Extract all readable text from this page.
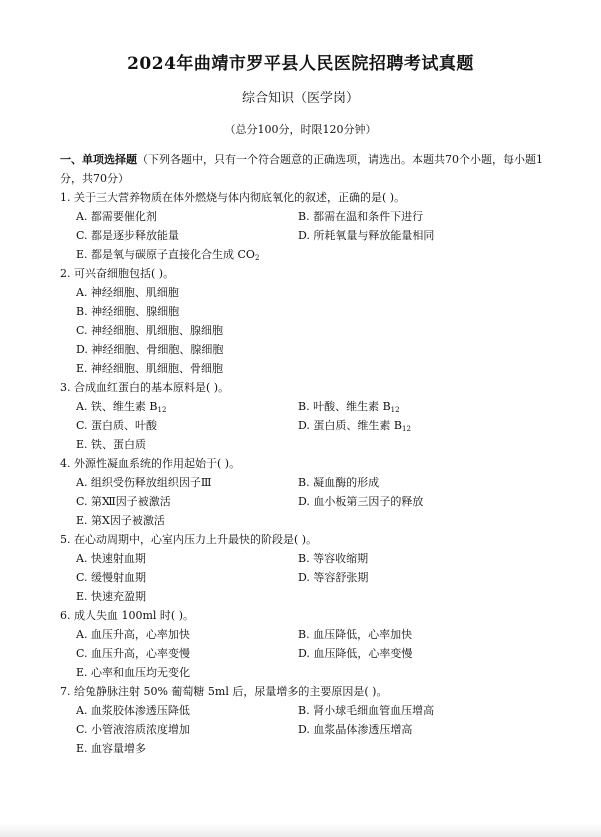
2024年曲靖市罗平县人民医院招聘考试真题
综合知识（医学岗）
（总分100分，时限120分钟）
一、单项选择题（下列各题中，只有一个符合题意的正确选项，请选出。本题共70个小题，每小题1分，共70分）
1. 关于三大营养物质在体外燃烧与体内彻底氧化的叙述，正确的是( )。
A. 都需要催化剂	B. 都需在温和条件下进行
C. 都是逐步释放能量	D. 所耗氧量与释放能量相同
E. 都是氧与碳原子直接化合生成 $CO_2$
2. 可兴奋细胞包括( )。
A. 神经细胞、肌细胞
B. 神经细胞、腺细胞
C. 神经细胞、肌细胞、腺细胞
D. 神经细胞、骨细胞、腺细胞
E. 神经细胞、肌细胞、骨细胞
3. 合成血红蛋白的基本原料是( )。
A. 铁、维生素 $B_{12}$	B. 叶酸、维生素 $B_{12}$
C. 蛋白质、叶酸	D. 蛋白质、维生素 $B_{12}$
E. 铁、蛋白质
4. 外源性凝血系统的作用起始于( )。
A. 组织受伤释放组织因子Ⅲ	B. 凝血酶的形成
C. 第Ⅻ因子被激活	D. 血小板第三因子的释放
E. 第Ⅹ因子被激活
5. 在心动周期中，心室内压力上升最快的阶段是( )。
A. 快速射血期	B. 等容收缩期
C. 缓慢射血期	D. 等容舒张期
E. 快速充盈期
6. 成人失血 100ml 时( )。
A. 血压升高，心率加快	B. 血压降低，心率加快
C. 血压升高，心率变慢	D. 血压降低，心率变慢
E. 心率和血压均无变化
7. 给兔静脉注射 50% 葡萄糖 5ml 后，尿量增多的主要原因是( )。
A. 血浆胶体渗透压降低	B. 肾小球毛细血管血压增高
C. 小管液溶质浓度增加	D. 血浆晶体渗透压增高
E. 血容量增多
